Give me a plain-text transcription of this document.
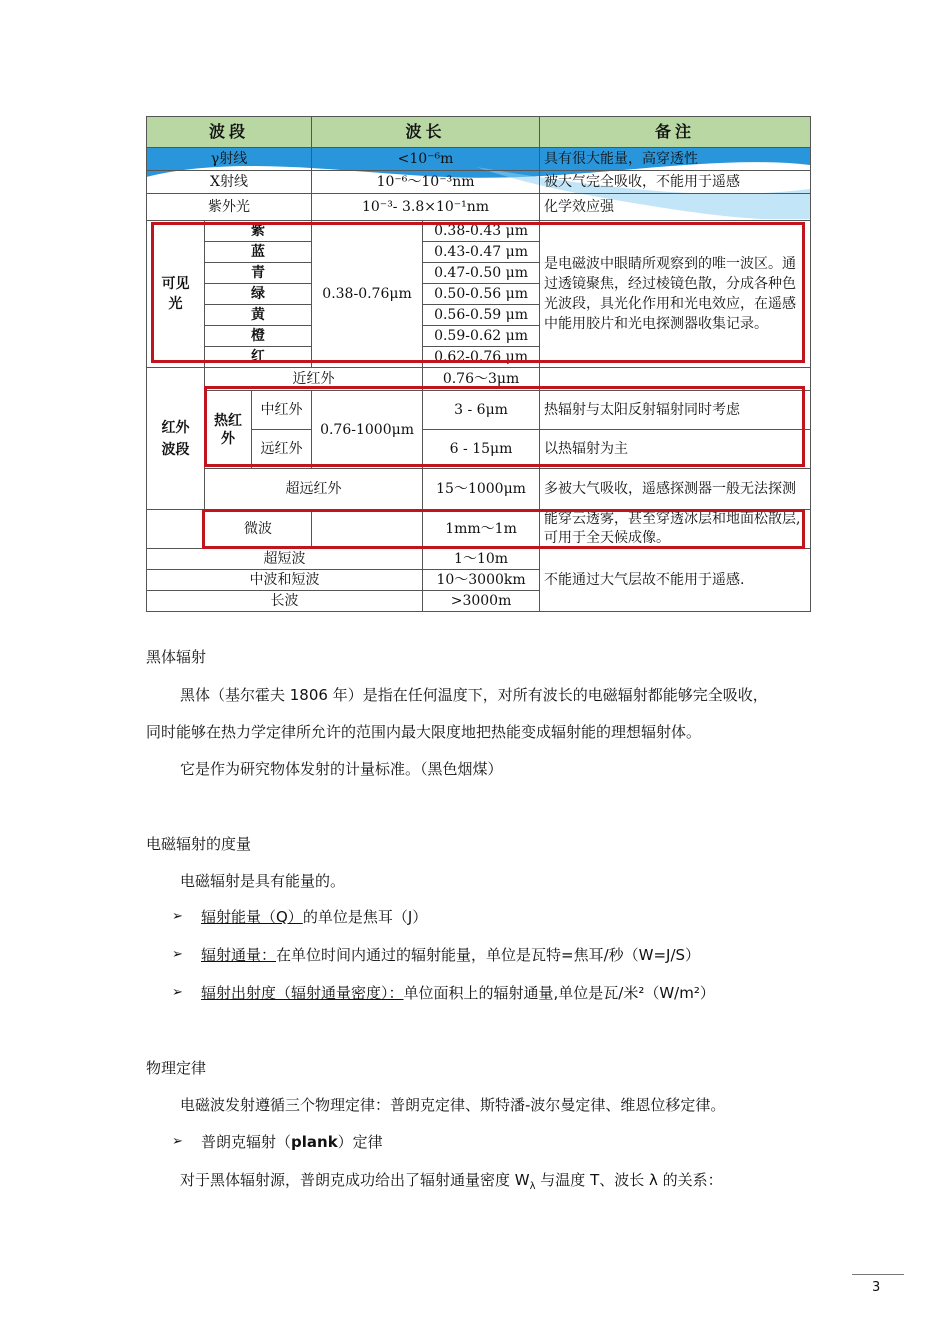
波段			波长		备注
γ射线			<10⁻⁶m		具有很大能量，高穿透性
X射线			10⁻⁶～10⁻³nm		被大气完全吸收，不能用于遥感
紫外光			10⁻³- 3.8×10⁻¹nm		化学效应强
可见光	紫		0.38-0.76μm	0.38-0.43 μm	是电磁波中眼睛所观察到的唯一波区。通过透镜聚焦，经过棱镜色散，分成各种色光波段，具光化作用和光电效应，在遥感中能用胶片和光电探测器收集记录。
	蓝			0.43-0.47 μm	
	青			0.47-0.50 μm	
	绿			0.50-0.56 μm	
	黄			0.56-0.59 μm	
	橙			0.59-0.62 μm	
	红			0.62-0.76 μm	
红外波段	近红外			0.76～3μm	
	热红外	中红外	0.76-1000μm	3 - 6μm	热辐射与太阳反射辐射同时考虑
		远红外		6 - 15μm	以热辐射为主
	超远红外			15～1000μm	多被大气吸收，遥感探测器一般无法探测
	微波			1mm～1m	能穿云透雾，甚至穿透冰层和地面松散层,可用于全天候成像。
超短波				1～10m	不能通过大气层故不能用于遥感.
中波和短波				10～3000km	
长波				>3000m	
黑体辐射
黑体（基尔霍夫 1806 年）是指在任何温度下，对所有波长的电磁辐射都能够完全吸收，
同时能够在热力学定律所允许的范围内最大限度地把热能变成辐射能的理想辐射体。
它是作为研究物体发射的计量标准。（黑色烟煤）
电磁辐射的度量
电磁辐射是具有能量的。
➢ 辐射能量（Q）的单位是焦耳（J）
➢ 辐射通量：在单位时间内通过的辐射能量，单位是瓦特=焦耳/秒（W=J/S）
➢ 辐射出射度（辐射通量密度）：单位面积上的辐射通量,单位是瓦/米²（W/m²）
物理定律
电磁波发射遵循三个物理定律：普朗克定律、斯特潘-波尔曼定律、维恩位移定律。
➢ 普朗克辐射（plank）定律
对于黑体辐射源，普朗克成功给出了辐射通量密度 $W_\lambda$ 与温度 T、波长 λ 的关系：
3
